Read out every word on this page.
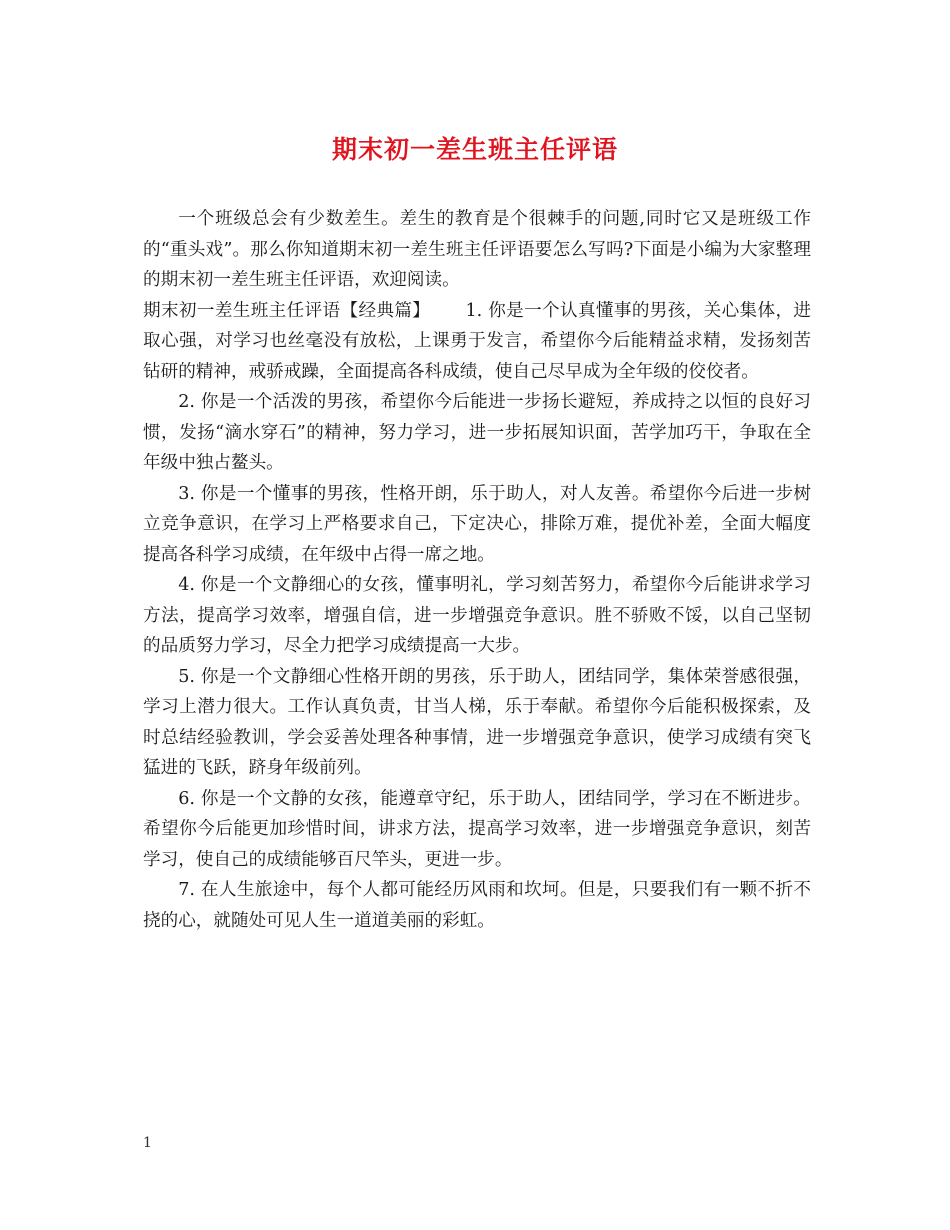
期末初一差生班主任评语

一个班级总会有少数差生。差生的教育是个很棘手的问题,同时它又是班级工作的“重头戏”。那么你知道期末初一差生班主任评语要怎么写吗?下面是小编为大家整理的期末初一差生班主任评语，欢迎阅读。

期末初一差生班主任评语【经典篇】   1. 你是一个认真懂事的男孩，关心集体，进取心强，对学习也丝毫没有放松，上课勇于发言，希望你今后能精益求精，发扬刻苦钻研的精神，戒骄戒躁，全面提高各科成绩，使自己尽早成为全年级的佼佼者。

2. 你是一个活泼的男孩，希望你今后能进一步扬长避短，养成持之以恒的良好习惯，发扬“滴水穿石”的精神，努力学习，进一步拓展知识面，苦学加巧干，争取在全年级中独占鳌头。

3. 你是一个懂事的男孩，性格开朗，乐于助人，对人友善。希望你今后进一步树立竞争意识，在学习上严格要求自己，下定决心，排除万难，提优补差，全面大幅度提高各科学习成绩，在年级中占得一席之地。

4. 你是一个文静细心的女孩，懂事明礼，学习刻苦努力，希望你今后能讲求学习方法，提高学习效率，增强自信，进一步增强竞争意识。胜不骄败不馁，以自己坚韧的品质努力学习，尽全力把学习成绩提高一大步。

5. 你是一个文静细心性格开朗的男孩，乐于助人，团结同学，集体荣誉感很强，学习上潜力很大。工作认真负责，甘当人梯，乐于奉献。希望你今后能积极探索，及时总结经验教训，学会妥善处理各种事情，进一步增强竞争意识，使学习成绩有突飞猛进的飞跃，跻身年级前列。

6. 你是一个文静的女孩，能遵章守纪，乐于助人，团结同学，学习在不断进步。希望你今后能更加珍惜时间，讲求方法，提高学习效率，进一步增强竞争意识，刻苦学习，使自己的成绩能够百尺竿头，更进一步。

7. 在人生旅途中，每个人都可能经历风雨和坎坷。但是，只要我们有一颗不折不挠的心，就随处可见人生一道道美丽的彩虹。

1
